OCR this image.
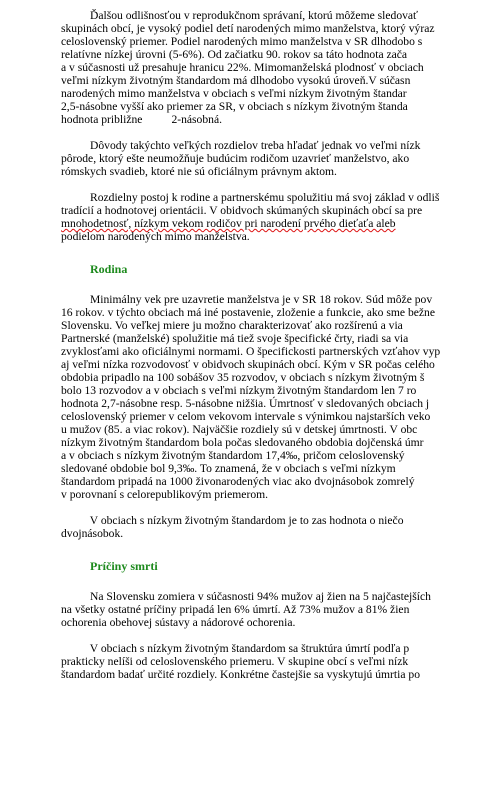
Ďalšou odlišnosťou v reprodukčnom správaní, ktorú môžeme sledovať
skupinách obcí, je vysoký podiel detí narodených mimo manželstva, ktorý výraz
celoslovenský priemer. Podiel narodených mimo manželstva v SR dlhodobo s
relatívne nízkej úrovni (5-6%). Od začiatku 90. rokov sa táto hodnota zača
a v súčasnosti už presahuje hranicu 22%. Mimomanželská plodnosť v obciach
veľmi nízkym životným štandardom má dlhodobo vysokú úroveň.V súčasn
narodených mimo manželstva v obciach s veľmi nízkym životným štandar
2,5-násobne vyšší ako priemer za SR, v obciach s nízkym životným štanda
hodnota približne          2-násobná.
Dôvody takýchto veľkých rozdielov treba hľadať jednak vo veľmi nízk
pôrode, ktorý ešte neumožňuje budúcim rodičom uzavrieť manželstvo, ako
rómskych svadieb, ktoré nie sú oficiálnym právnym aktom.
Rozdielny postoj k rodine a partnerskému spolužitiu má svoj základ v odliš
tradícií a hodnotovej orientácii. V obidvoch skúmaných skupinách obcí sa pre
mnohodetnosť, nízkym vekom rodičov pri narodení prvého dieťaťa aleb
podielom narodených mimo manželstva.
Rodina
Minimálny vek pre uzavretie manželstva je v SR 18 rokov. Súd môže pov
16 rokov. v týchto obciach má iné postavenie, zloženie a funkcie, ako sme bežne
Slovensku. Vo veľkej miere ju možno charakterizovať ako rozšírenú a via
Partnerské (manželské) spolužitie má tiež svoje špecifické črty, riadi sa via
zvyklosťami ako oficiálnymi normami. O špecifickosti partnerských vzťahov vyp
aj veľmi nízka rozvodovosť v obidvoch skupinách obcí. Kým v SR počas celého
obdobia pripadlo na 100 sobášov 35 rozvodov, v obciach s nízkym životným š
bolo 13 rozvodov a v obciach s veľmi nízkym životným štandardom len 7 ro
hodnota 2,7-násobne resp. 5-násobne nižšia. Úmrtnosť v sledovaných obciach j
celoslovenský priemer v celom vekovom intervale s výnimkou najstarších veko
u mužov (85. a viac rokov). Najväčšie rozdiely sú v detskej úmrtnosti. V obc
nízkym životným štandardom bola počas sledovaného obdobia dojčenská úmr
a v obciach s nízkym životným štandardom 17,4‰, pričom celoslovenský
sledované obdobie bol 9,3‰. To znamená, že v obciach s veľmi nízkym
štandardom pripadá na 1000 živonarodených viac ako dvojnásobok zomrelý
v porovnaní s celorepublikovým priemerom.
V obciach s nízkym životným štandardom je to zas hodnota o niečo
dvojnásobok.
Príčiny smrti
Na Slovensku zomiera v súčasnosti 94% mužov aj žien na 5 najčastejších
na všetky ostatné príčiny pripadá len 6% úmrtí. Až 73% mužov a 81% žien
ochorenia obehovej sústavy a nádorové ochorenia.
V obciach s nízkym životným štandardom sa štruktúra úmrtí podľa p
prakticky nelíši od celoslovenského priemeru. V skupine obcí s veľmi nízk
štandardom badať určité rozdiely. Konkrétne častejšie sa vyskytujú úmrtia po
